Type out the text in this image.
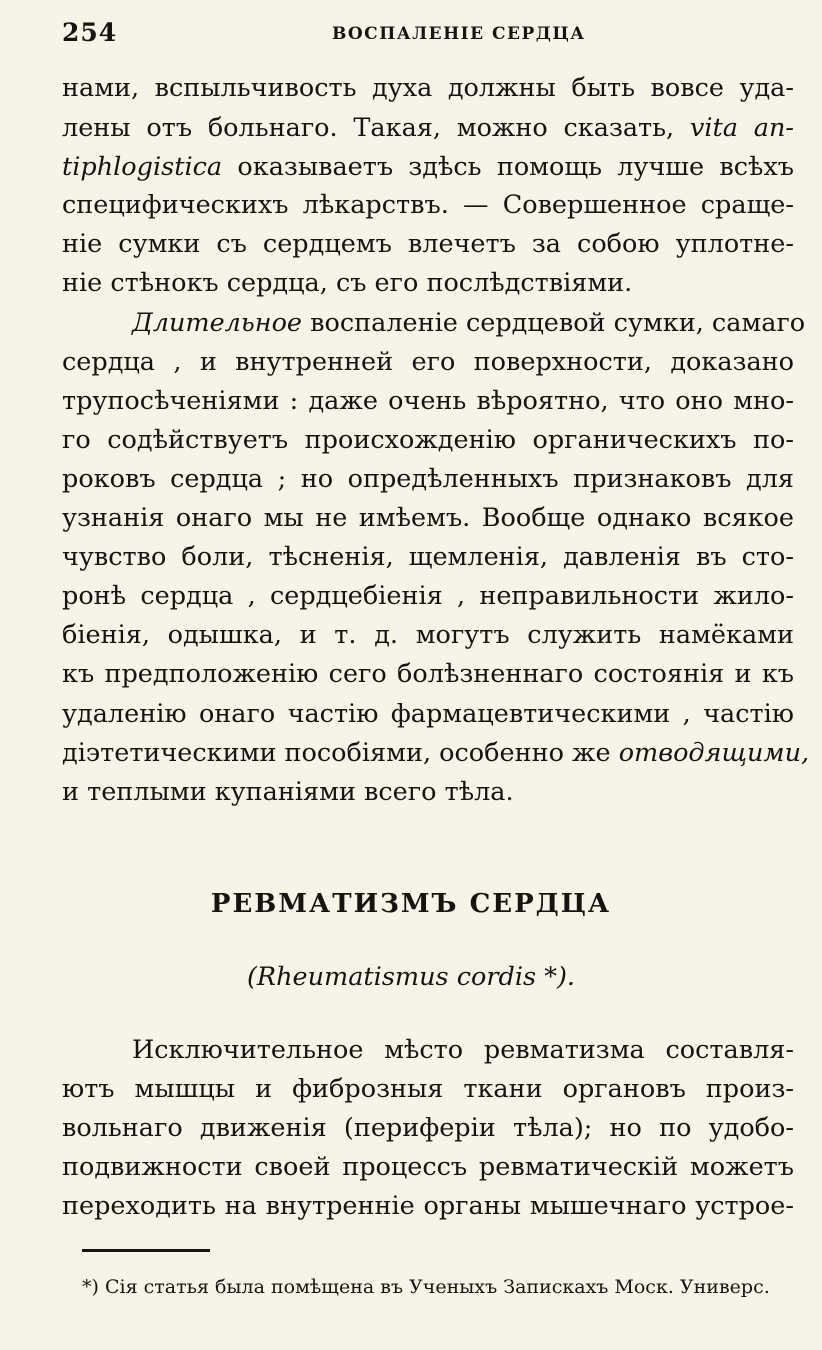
254	ВОСПАЛЕНІЕ СЕРДЦА
нами, вспыльчивость духа должны быть вовсе уда-
лены отъ больнаго. Такая, можно сказать, vita an-
tiphlogistica оказываетъ здѣсь помощь лучше всѣхъ
специфическихъ лѣкарствъ. — Совершенное сраще-
ніе сумки съ сердцемъ влечетъ за собою уплотне-
ніе стѣнокъ сердца, съ его послѣдствіями.
Длительное воспаленіе сердцевой сумки, самаго
сердца , и внутренней его поверхности, доказано
трупосѣченіями : даже очень вѣроятно, что оно мно-
го содѣйствуетъ происхожденію органическихъ по-
роковъ сердца ; но опредѣленныхъ признаковъ для
узнанія онаго мы не имѣемъ. Вообще однако всякое
чувство боли, тѣсненія, щемленія, давленія въ сто-
ронѣ сердца , сердцебіенія , неправильности жило-
біенія, одышка, и т. д. могутъ служить намёками
къ предположенію сего болѣзненнаго состоянія и къ
удаленію онаго частію фармацевтическими , частію
діэтетическими пособіями, особенно же отводящими,
и теплыми купаніями всего тѣла.
РЕВМАТИЗМЪ СЕРДЦА
(Rheumatismus cordis *).
Исключительное мѣсто ревматизма составля-
ютъ мышцы и фиброзныя ткани органовъ произ-
вольнаго движенія (периферіи тѣла); но по удобо-
подвижности своей процессъ ревматическій можетъ
переходить на внутренніе органы мышечнаго устрое-
*) Сія статья была помѣщена въ Ученыхъ Запискахъ Моск. Универс.
